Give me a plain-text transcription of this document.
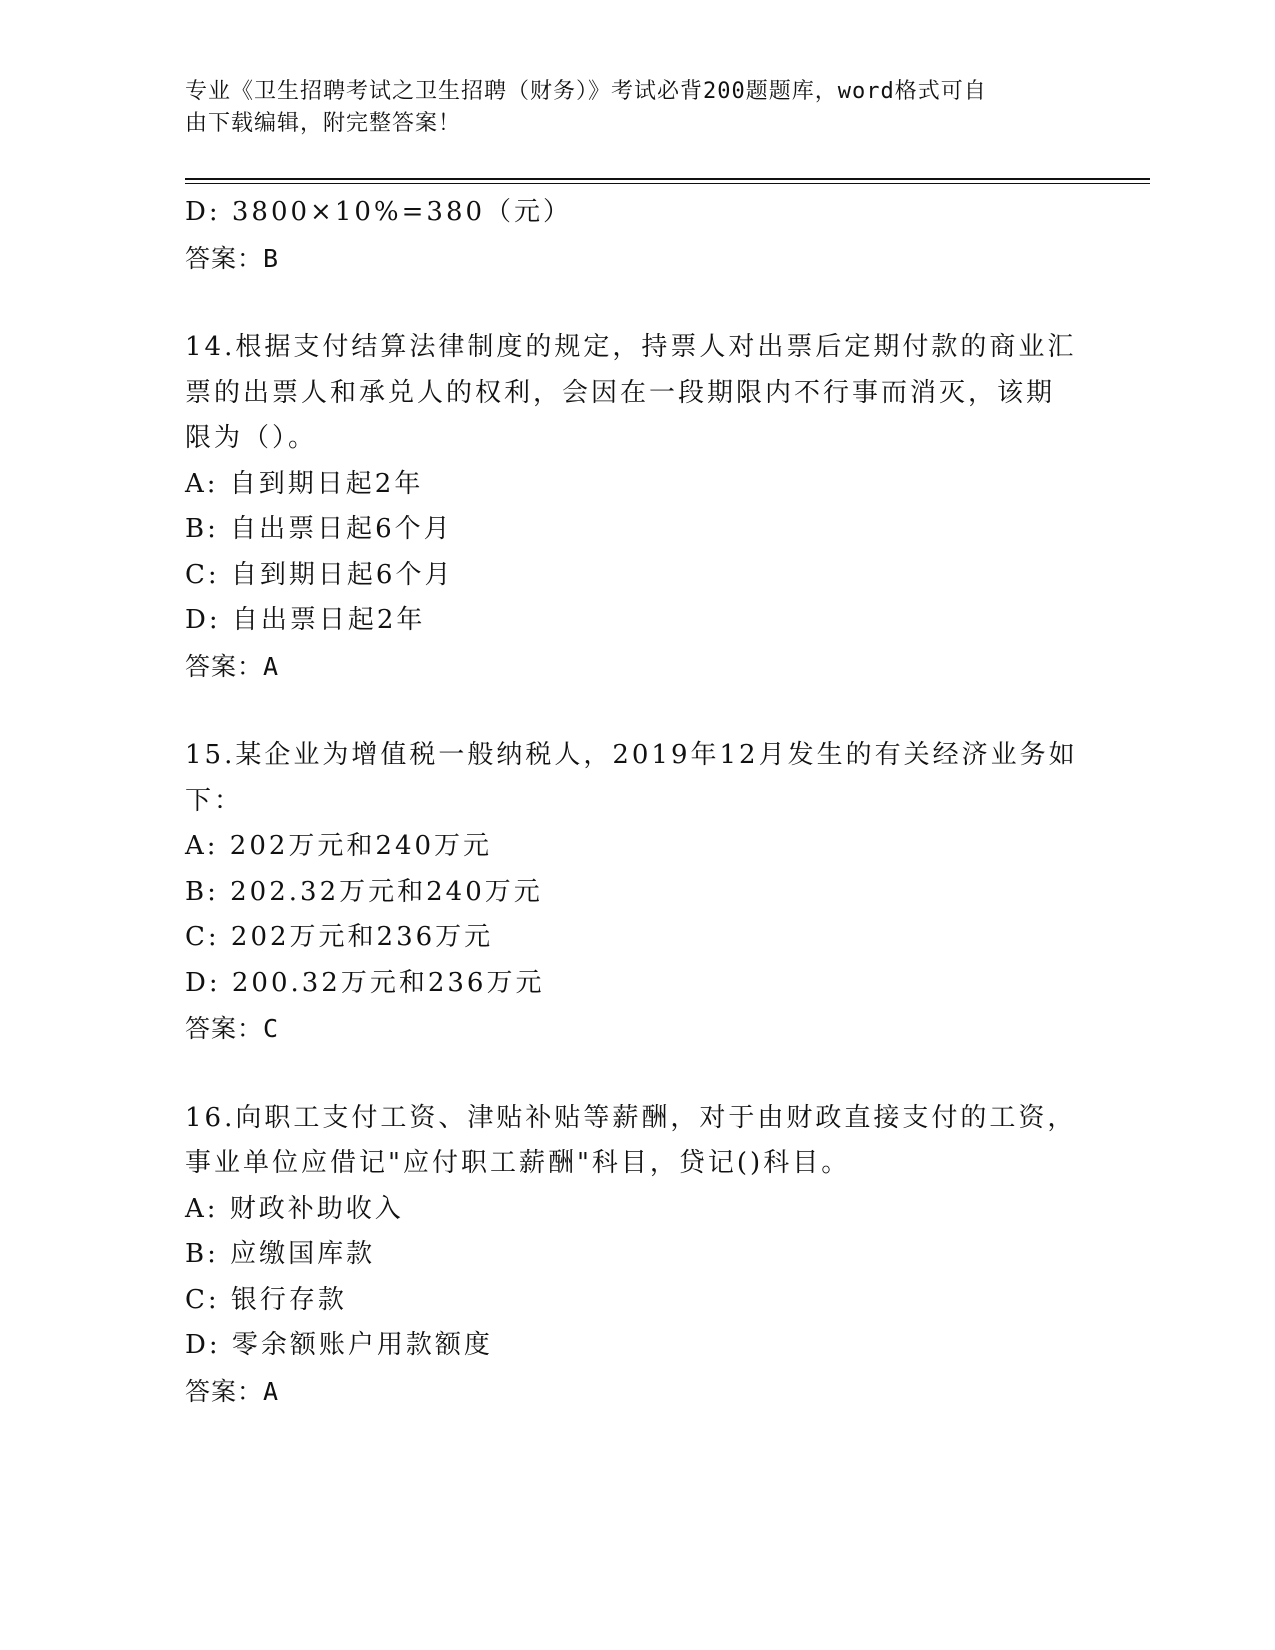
专业《卫生招聘考试之卫生招聘（财务）》考试必背200题题库，word格式可自
由下载编辑，附完整答案！
D: 3800×10%=380（元）
答案：B
14.根据支付结算法律制度的规定，持票人对出票后定期付款的商业汇
票的出票人和承兑人的权利，会因在一段期限内不行事而消灭，该期
限为（）。
A: 自到期日起2年
B: 自出票日起6个月
C: 自到期日起6个月
D: 自出票日起2年
答案：A
15.某企业为增值税一般纳税人，2019年12月发生的有关经济业务如
下：
A: 202万元和240万元
B: 202.32万元和240万元
C: 202万元和236万元
D: 200.32万元和236万元
答案：C
16.向职工支付工资、津贴补贴等薪酬，对于由财政直接支付的工资，
事业单位应借记"应付职工薪酬"科目，贷记()科目。
A: 财政补助收入
B: 应缴国库款
C: 银行存款
D: 零余额账户用款额度
答案：A
